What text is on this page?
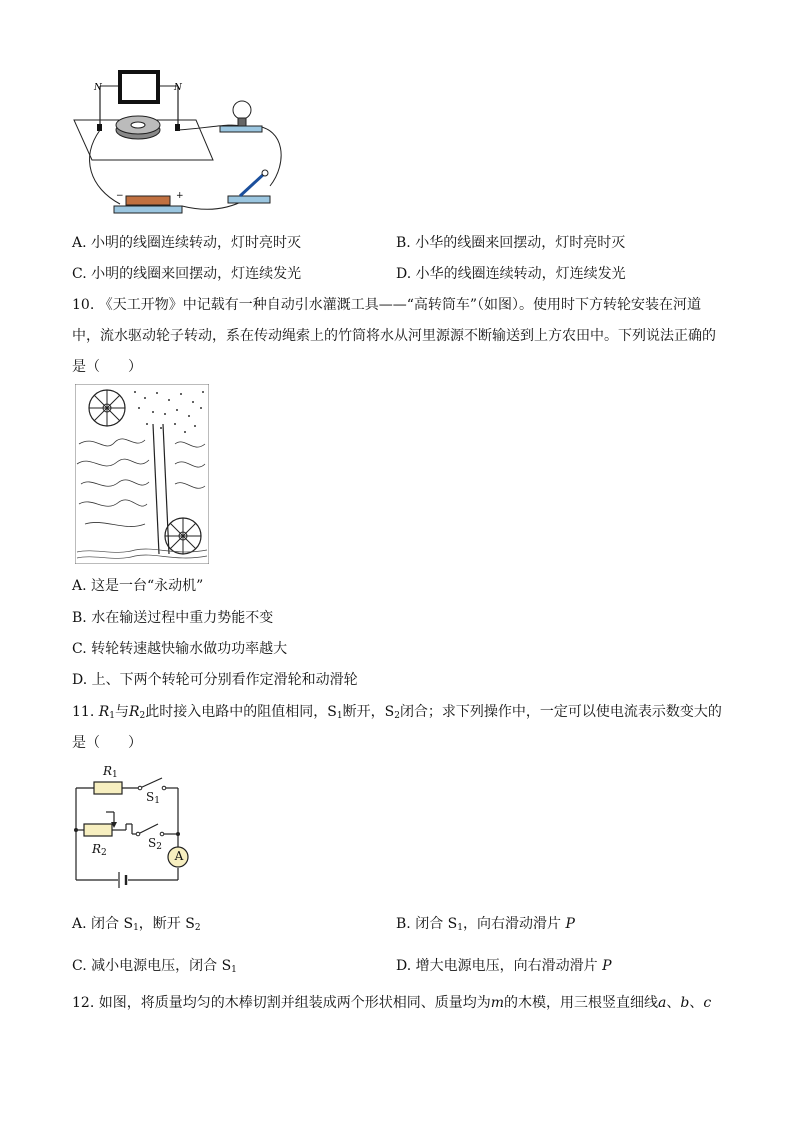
N	N
−	+
A. 小明的线圈连续转动，灯时亮时灭	B. 小华的线圈来回摆动，灯时亮时灭
C. 小明的线圈来回摆动，灯连续发光	D. 小华的线圈连续转动，灯连续发光
10. 《天工开物》中记载有一种自动引水灌溉工具——“高转筒车”（如图）。使用时下方转轮安装在河道
中，流水驱动轮子转动，系在传动绳索上的竹筒将水从河里源源不断输送到上方农田中。下列说法正确的
是（　　）
A. 这是一台“永动机”
B. 水在输送过程中重力势能不变
C. 转轮转速越快输水做功功率越大
D. 上、下两个转轮可分别看作定滑轮和动滑轮
11. $R_1$与$R_2$此时接入电路中的阻值相同，$S_1$断开，$S_2$闭合；求下列操作中，一定可以使电流表示数变大的
是（　　）
$R_1$
$S_1$
$R_2$
$S_2$
A
A. 闭合 $S_1$，断开 $S_2$	B. 闭合 $S_1$，向右滑动滑片 P
C. 减小电源电压，闭合 $S_1$	D. 增大电源电压，向右滑动滑片 P
12. 如图，将质量均匀的木棒切割并组装成两个形状相同、质量均为m的木模，用三根竖直细线a、b、c
